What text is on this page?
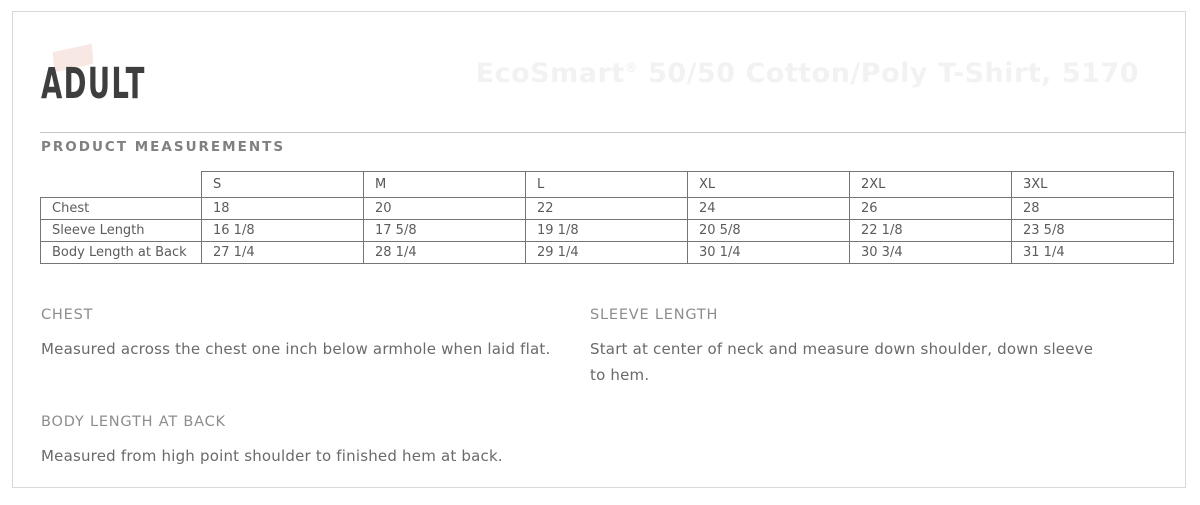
ADULT	EcoSmart® 50/50 Cotton/Poly T-Shirt, 5170
PRODUCT MEASUREMENTS
	S	M	L	XL	2XL	3XL
Chest	18	20	22	24	26	28
Sleeve Length	16 1/8	17 5/8	19 1/8	20 5/8	22 1/8	23 5/8
Body Length at Back	27 1/4	28 1/4	29 1/4	30 1/4	30 3/4	31 1/4
CHEST

Measured across the chest one inch below armhole when laid flat.

SLEEVE LENGTH

Start at center of neck and measure down shoulder, down sleeve to hem.

BODY LENGTH AT BACK

Measured from high point shoulder to finished hem at back.
